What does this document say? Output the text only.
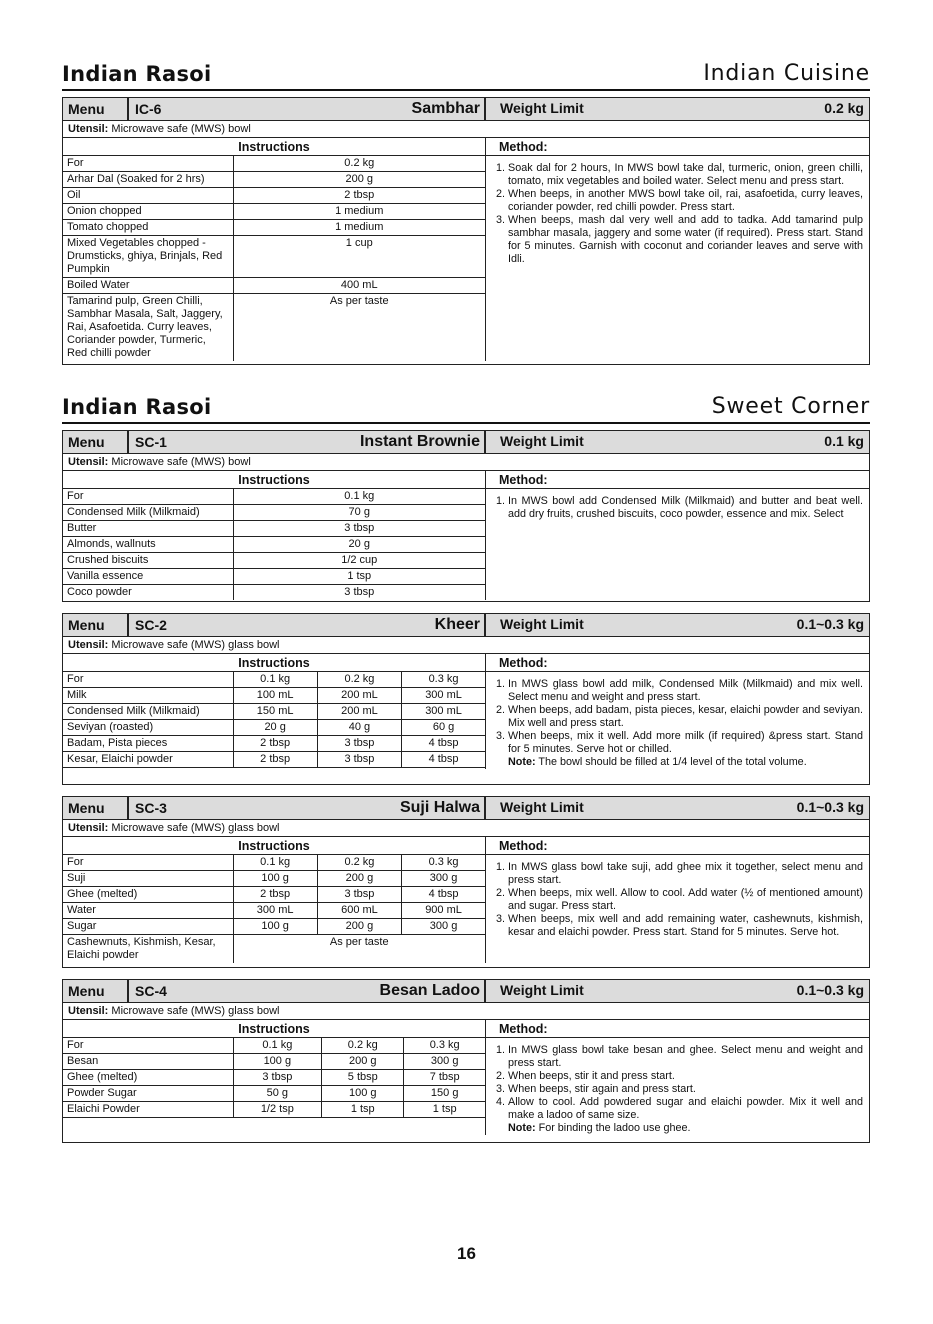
Indian Rasoi	Indian Cuisine
Indian Rasoi	Sweet Corner
Menu	IC-6	Sambhar Weight Limit	0.2 kg
Utensil: Microwave safe (MWS) bowl
Instructions
For	0.2 kg
Arhar Dal (Soaked for 2 hrs)	200 g
Oil	2 tbsp
Onion chopped	1 medium
Tomato chopped	1 medium
Mixed Vegetables chopped - Drumsticks, ghiya, Brinjals, Red Pumpkin	1 cup
Boiled Water	400 mL
Tamarind pulp, Green Chilli, Sambhar Masala, Salt, Jaggery, Rai, Asafoetida. Curry leaves, Coriander powder, Turmeric, Red chilli powder	As per taste
Method:
1. Soak dal for 2 hours, In MWS bowl take dal, turmeric, onion, green chilli, tomato, mix vegetables and boiled water. Select menu and press start.
2. When beeps, in another MWS bowl take oil, rai, asafoetida, curry leaves, coriander powder, red chilli powder. Press start.
3. When beeps, mash dal very well and add to tadka. Add tamarind pulp sambhar masala, jaggery and some water (if required). Press start. Stand for 5 minutes. Garnish with coconut and coriander leaves and serve with Idli.
Menu	SC-1	Instant Brownie Weight Limit	0.1 kg
Utensil: Microwave safe (MWS) bowl
Instructions
For	0.1 kg
Condensed Milk (Milkmaid)	70 g
Butter	3 tbsp
Almonds, wallnuts	20 g
Crushed biscuits	1/2 cup
Vanilla essence	1 tsp
Coco powder	3 tbsp
Method:
1. In MWS bowl add Condensed Milk (Milkmaid) and butter and beat well. add dry fruits, crushed biscuits, coco powder, essence and mix. Select
Menu	SC-2	Kheer Weight Limit	0.1~0.3 kg
Utensil: Microwave safe (MWS) glass bowl
Instructions
For	0.1 kg	0.2 kg	0.3 kg
Milk	100 mL	200 mL	300 mL
Condensed Milk (Milkmaid)	150 mL	200 mL	300 mL
Seviyan (roasted)	20 g	40 g	60 g
Badam, Pista pieces	2 tbsp	3 tbsp	4 tbsp
Kesar, Elaichi powder	2 tbsp	3 tbsp	4 tbsp
Method:
1. In MWS glass bowl add milk, Condensed Milk (Milkmaid) and mix well. Select menu and weight and press start.
2. When beeps, add badam, pista pieces, kesar, elaichi powder and seviyan. Mix well and press start.
3. When beeps, mix it well. Add more milk (if required) &press start. Stand for 5 minutes. Serve hot or chilled.
Note: The bowl should be filled at 1/4 level of the total volume.
Menu	SC-3	Suji Halwa Weight Limit	0.1~0.3 kg
Utensil: Microwave safe (MWS) glass bowl
Instructions
For	0.1 kg	0.2 kg	0.3 kg
Suji	100 g	200 g	300 g
Ghee (melted)	2 tbsp	3 tbsp	4 tbsp
Water	300 mL	600 mL	900 mL
Sugar	100 g	200 g	300 g
Cashewnuts, Kishmish, Kesar, Elaichi powder	As per taste		
Method:
1. In MWS glass bowl take suji, add ghee mix it together, select menu and press start.
2. When beeps, mix well. Allow to cool. Add water (½ of mentioned amount) and sugar. Press start.
3. When beeps, mix well and add remaining water, cashewnuts, kishmish, kesar and elaichi powder. Press start. Stand for 5 minutes. Serve hot.
Menu	SC-4	Besan Ladoo Weight Limit	0.1~0.3 kg
Utensil: Microwave safe (MWS) glass bowl
Instructions
For	0.1 kg	0.2 kg	0.3 kg
Besan	100 g	200 g	300 g
Ghee (melted)	3 tbsp	5 tbsp	7 tbsp
Powder Sugar	50 g	100 g	150 g
Elaichi Powder	1/2 tsp	1 tsp	1 tsp
Method:
1. In MWS glass bowl take besan and ghee. Select menu and weight and press start.
2. When beeps, stir it and press start.
3. When beeps, stir again and press start.
4. Allow to cool. Add powdered sugar and elaichi powder. Mix it well and make a ladoo of same size.
Note: For binding the ladoo use ghee.
16
